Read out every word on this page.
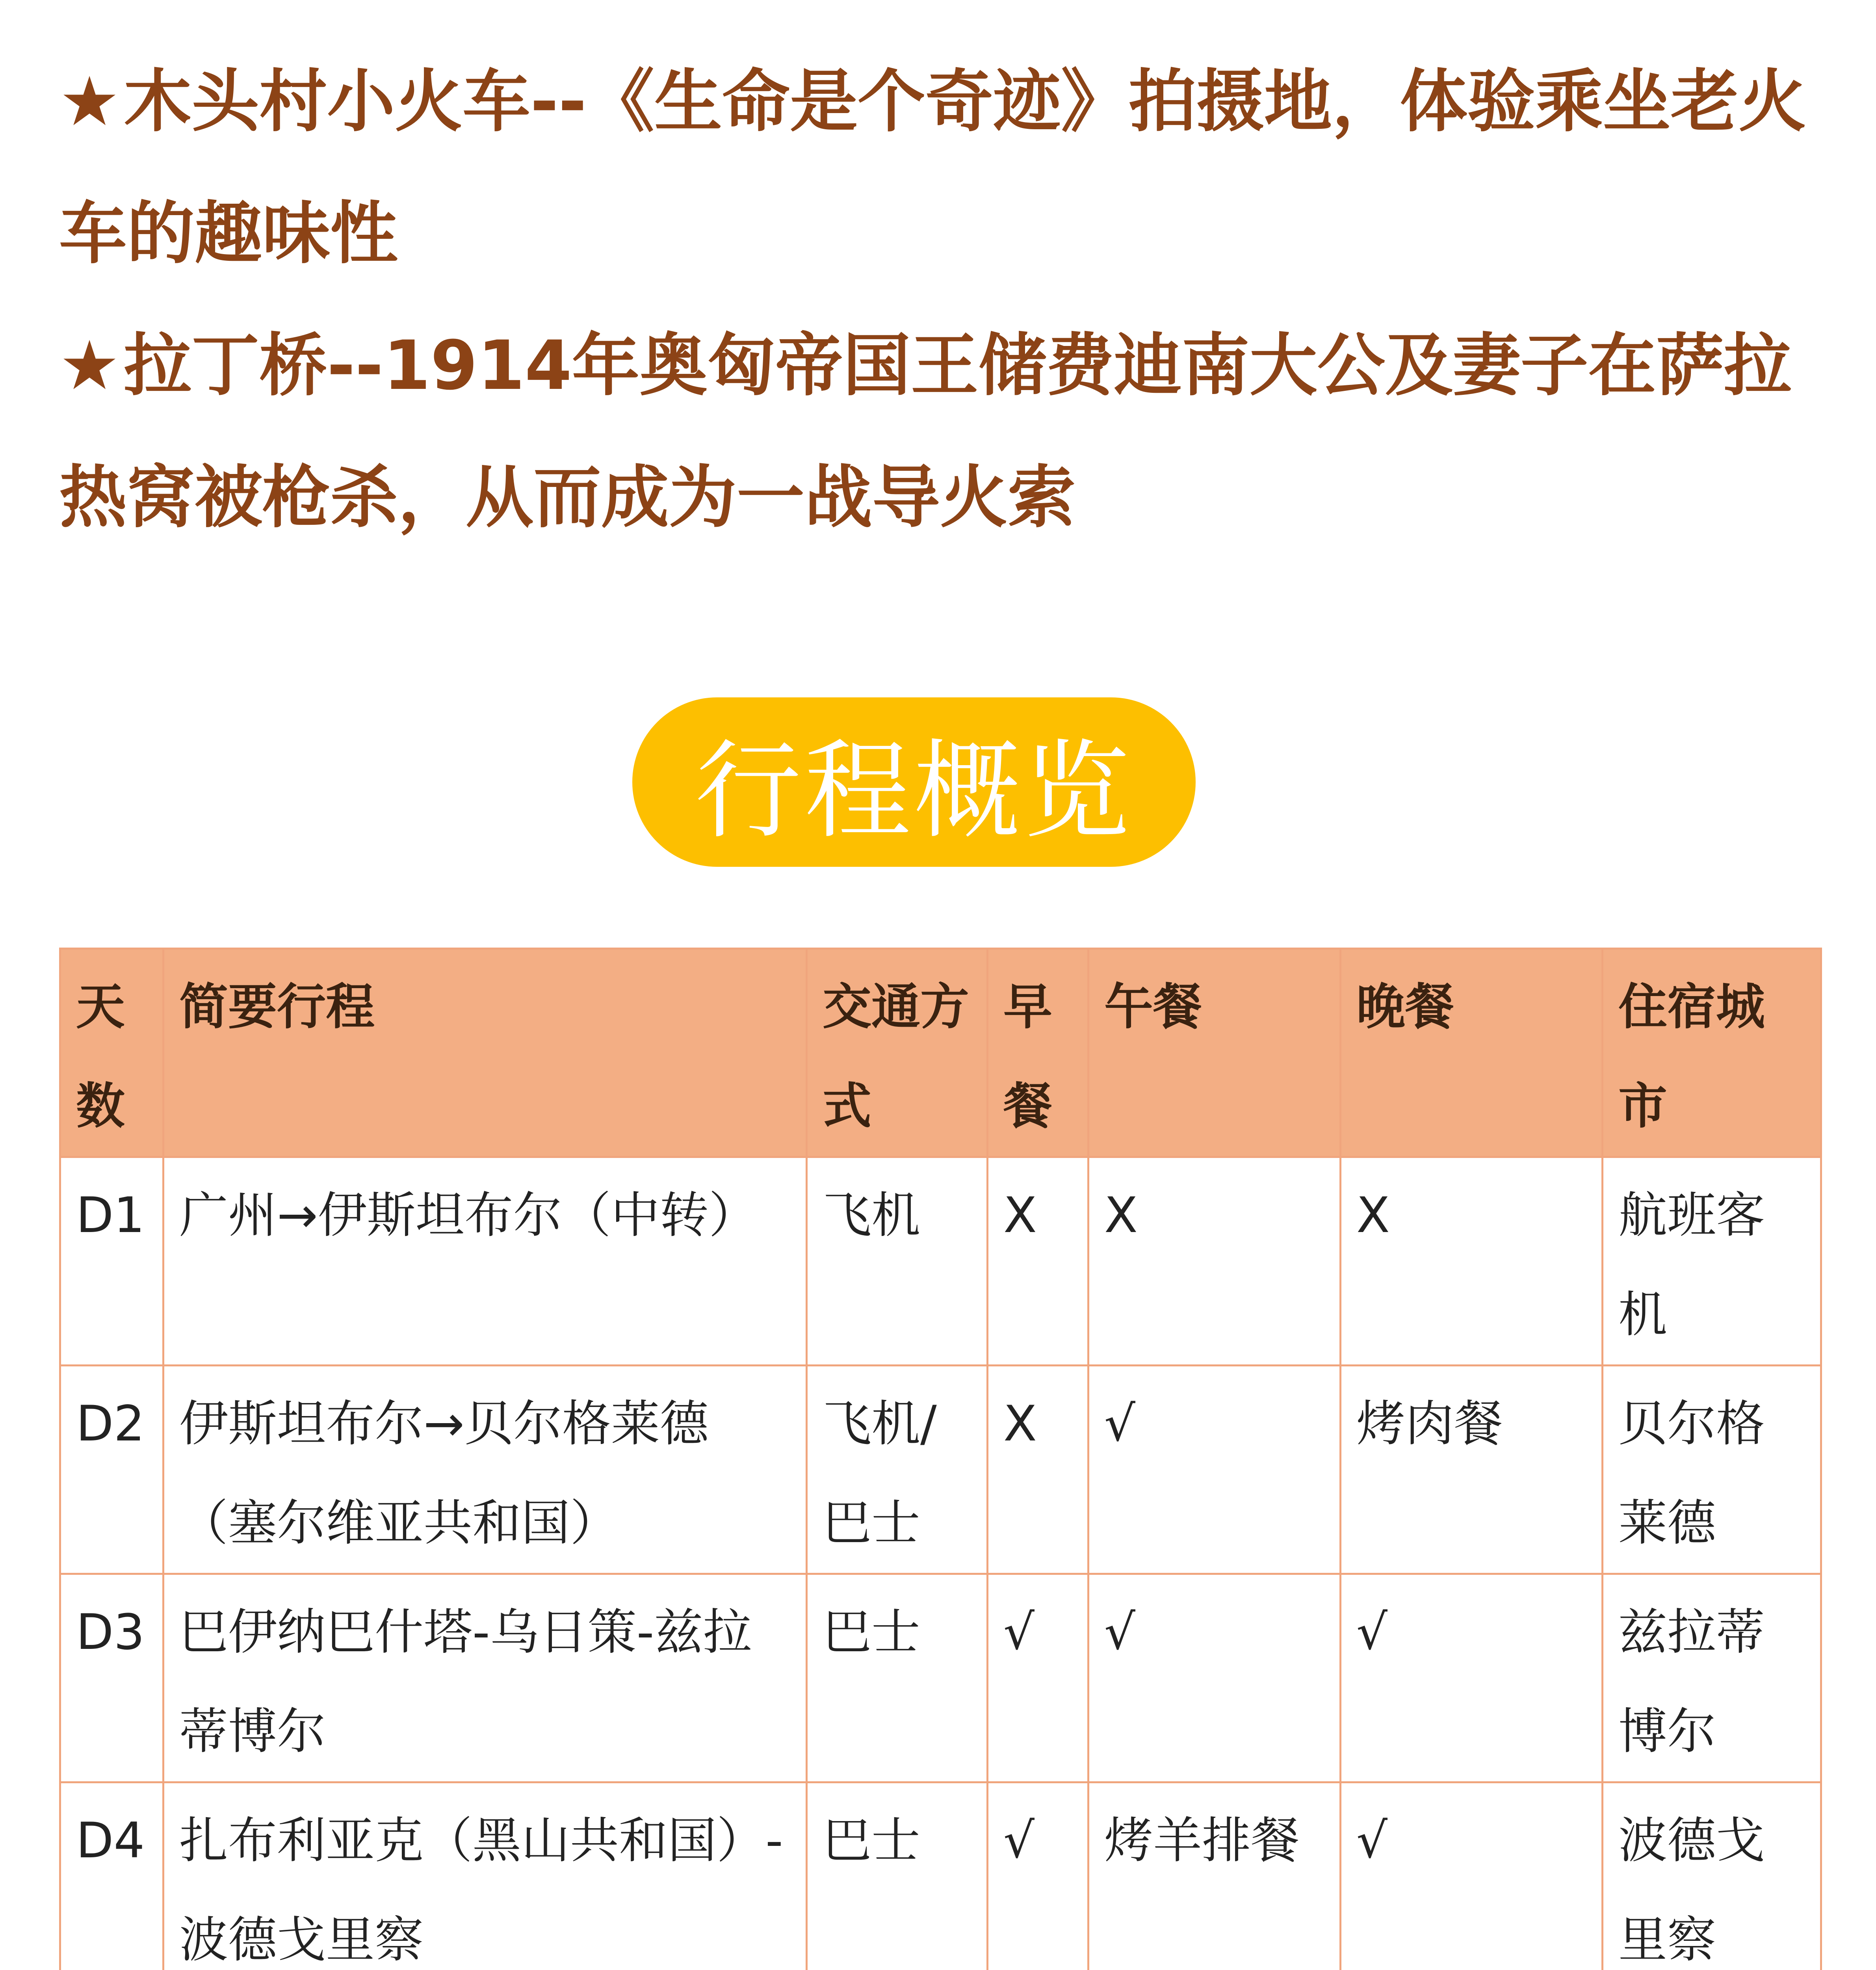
★木头村小火车--《生命是个奇迹》拍摄地，体验乘坐老火车的趣味性

★拉丁桥--1914年奥匈帝国王储费迪南大公及妻子在萨拉热窝被枪杀，从而成为一战导火索

行程概览
天数	简要行程	交通方式	早餐	午餐	晚餐	住宿城市
D1	广州→伊斯坦布尔（中转）	飞机	X	X	X	航班客机
D2	伊斯坦布尔→贝尔格莱德（塞尔维亚共和国）	飞机/巴士	X	√	烤肉餐	贝尔格莱德
D3	巴伊纳巴什塔-乌日策-兹拉蒂博尔	巴士	√	√	√	兹拉蒂博尔
D4	扎布利亚克（黑山共和国）-波德戈里察	巴士	√	烤羊排餐	√	波德戈里察
